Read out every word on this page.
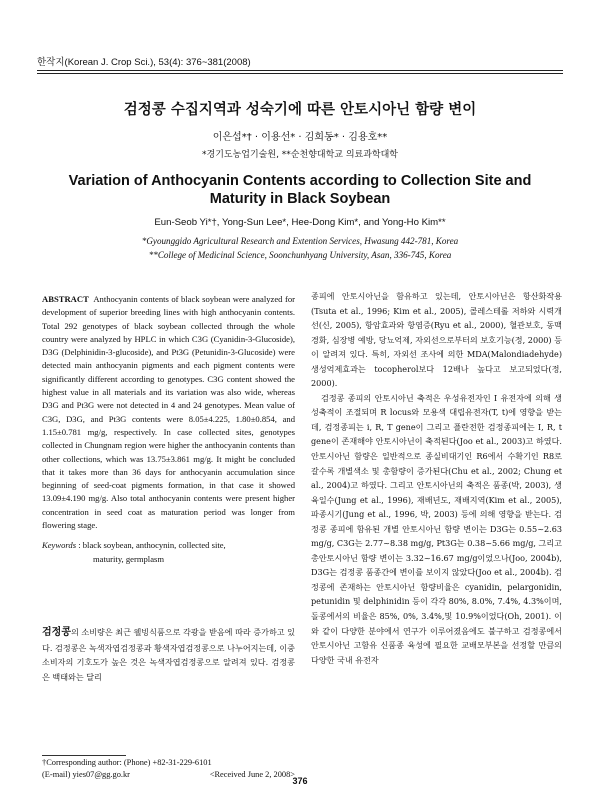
한작지(Korean J. Crop Sci.), 53(4): 376~381(2008)
검정콩 수집지역과 성숙기에 따른 안토시아닌 함량 변이
이은섭*† · 이용선* · 김희동* · 김용호**
*경기도농업기술원, **순천향대학교 의료과학대학
Variation of Anthocyanin Contents according to Collection Site and Maturity in Black Soybean
Eun-Seob Yi*†, Yong-Sun Lee*, Hee-Dong Kim*, and Yong-Ho Kim**
*Gyounggido Agricultural Research and Extention Services, Hwasung 442-781, Korea
**College of Medicinal Science, Soonchunhyang University, Asan, 336-745, Korea

ABSTRACT Anthocyanin contents of black soybean were analyzed for development of superior breeding lines with high anthocyanin contents. Total 292 genotypes of black soybean collected through the whole country were analyzed by HPLC in which C3G (Cyanidin-3-Glucoside), D3G (Delphinidin-3-glucoside), and Pt3G (Petunidin-3-Glucoside) were detected main anthocyanin pigments and each pigment contents were significantly different according to genotypes. C3G content showed the highest value in all materials and its variation was also wide, whereas D3G and Pt3G were not detected in 4 and 24 genotypes. Mean value of C3G, D3G, and Pt3G contents were 8.05±4.225, 1.80±0.854, and 1.15±0.781 mg/g, respectively. In case collected sites, genotypes collected in Chungnam region were higher the anthocyanin contents than other collections, which was 13.75±3.861 mg/g. It might be concluded that it takes more than 36 days for anthocyanin accumulation since beginning of seed-coat pigments formation, in that case it showed 13.09±4.190 mg/g. Also total anthocyanin contents were present higher concentration in seed coat as maturation period was longer from flowering stage.

Keywords : black soybean, anthocynin, collected site,
maturity, germplasm

검정콩의 소비량은 최근 웰빙식품으로 각광을 받음에 따라 증가하고 있다. 검정콩은 녹색자엽검정콩과 황색자엽검정콩으로 나누어지는데, 이중 소비자의 기호도가 높은 것은 녹색자엽검정콩으로 알려져 있다. 검정콩은 백태와는 달리

종피에 안토시아닌을 함유하고 있는데, 안토시아닌은 항산화작용(Tsuta et al., 1996; Kim et al., 2005), 콜레스테롤 저하와 시력개선(신, 2005), 항암효과와 항염증(Ryu et al., 2000), 혈관보호, 동맥경화, 심장병 예방, 당뇨억제, 자외선으로부터의 보호기능(정, 2000) 등이 알려져 있다. 특히, 자외선 조사에 의한 MDA(Malondiadehyde) 생성억제효과는 tocopherol보다 12배나 높다고 보고되었다(정, 2000).

검정콩 종피의 안토시아닌 축적은 우성유전자인 I 유전자에 의해 생성축적이 조절되며 R locus와 모용색 대립유전자(T, t)에 영향을 받는데, 검정종피는 i, R, T gene이 그리고 플란전한 검정종피에는 I, R, t gene이 존재해야 안토시아닌이 축적된다(Joo et al., 2003)고 하였다. 안토시아닌 함량은 일반적으로 종실비대기인 R6에서 수확기인 R8로 갈수록 개별색소 및 총함량이 증가된다(Chu et al., 2002; Chung et al., 2004)고 하였다. 그리고 안토시아닌의 축적은 품종(박, 2003), 생육일수(Jung et al., 1996), 재배년도, 재배지역(Kim et al., 2005), 파종시기(Jung et al., 1996, 박, 2003) 등에 의해 영향을 받는다. 검정콩 종피에 함유된 개별 안토시아닌 함량 변이는 D3G는 0.55~2.63 mg/g, C3G는 2.77~8.38 mg/g, Pt3G는 0.38~5.66 mg/g, 그리고 총안토시아닌 함량 변이는 3.32~16.67 mg/g이었으나(Joo, 2004b), D3G는 검정콩 품종간에 변이를 보이지 않았다(Joo et al., 2004b). 검정콩에 존재하는 안토시아닌 함량비율은 cyanidin, pelargonidin, petunidin 및 delphinidin 등이 각각 80%, 8.0%, 7.4%, 4.3%이며, 돌콩에서의 비율은 85%, 0%, 3.4%,및 10.9%이었다(Oh, 2001). 이와 같이 다양한 분야에서 연구가 이루어졌음에도 불구하고 검정콩에서 안토시아닌 고함유 신품종 육성에 필요한 교배모부본을 선정할 만큼의 다양한 국내 유전자

†Corresponding author: (Phone) +82-31-229-6101
(E-mail) yies07@gg.go.kr	<Received June 2, 2008>
376
